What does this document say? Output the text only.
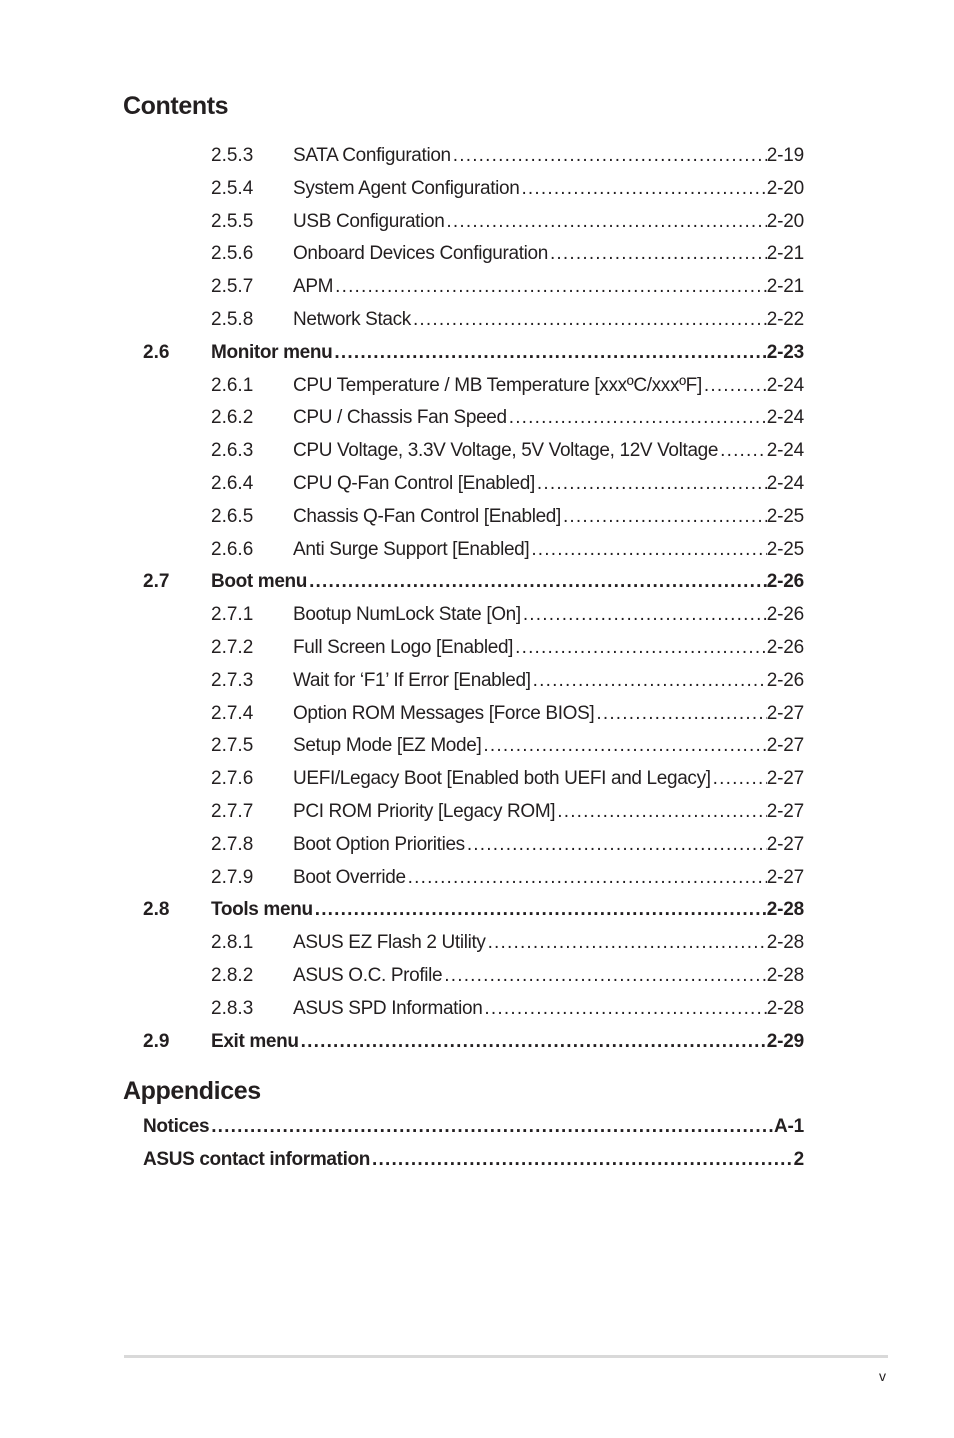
Contents
2.5.3 SATA Configuration .....	2-19
2.5.4 System Agent Configuration .....	2-20
2.5.5 USB Configuration .....	2-20
2.5.6 Onboard Devices Configuration .....	2-21
2.5.7 APM .....	2-21
2.5.8 Network Stack .....	2-22
2.6 Monitor menu .....	2-23
2.6.1 CPU Temperature / MB Temperature [xxxºC/xxxºF] .....	2-24
2.6.2 CPU / Chassis Fan Speed .....	2-24
2.6.3 CPU Voltage, 3.3V Voltage, 5V Voltage, 12V Voltage .....	2-24
2.6.4 CPU Q-Fan Control [Enabled] .....	2-24
2.6.5 Chassis Q-Fan Control [Enabled] .....	2-25
2.6.6 Anti Surge Support [Enabled] .....	2-25
2.7 Boot menu .....	2-26
2.7.1 Bootup NumLock State [On] .....	2-26
2.7.2 Full Screen Logo [Enabled] .....	2-26
2.7.3 Wait for ‘F1’ If Error [Enabled] .....	2-26
2.7.4 Option ROM Messages [Force BIOS] .....	2-27
2.7.5 Setup Mode [EZ Mode] .....	2-27
2.7.6 UEFI/Legacy Boot [Enabled both UEFI and Legacy] .....	2-27
2.7.7 PCI ROM Priority [Legacy ROM] .....	2-27
2.7.8 Boot Option Priorities .....	2-27
2.7.9 Boot Override .....	2-27
2.8 Tools menu .....	2-28
2.8.1 ASUS EZ Flash 2 Utility .....	2-28
2.8.2 ASUS O.C. Profile .....	2-28
2.8.3 ASUS SPD Information .....	2-28
2.9 Exit menu .....	2-29
Appendices
Notices .....	A-1
ASUS contact information .....	2
v
